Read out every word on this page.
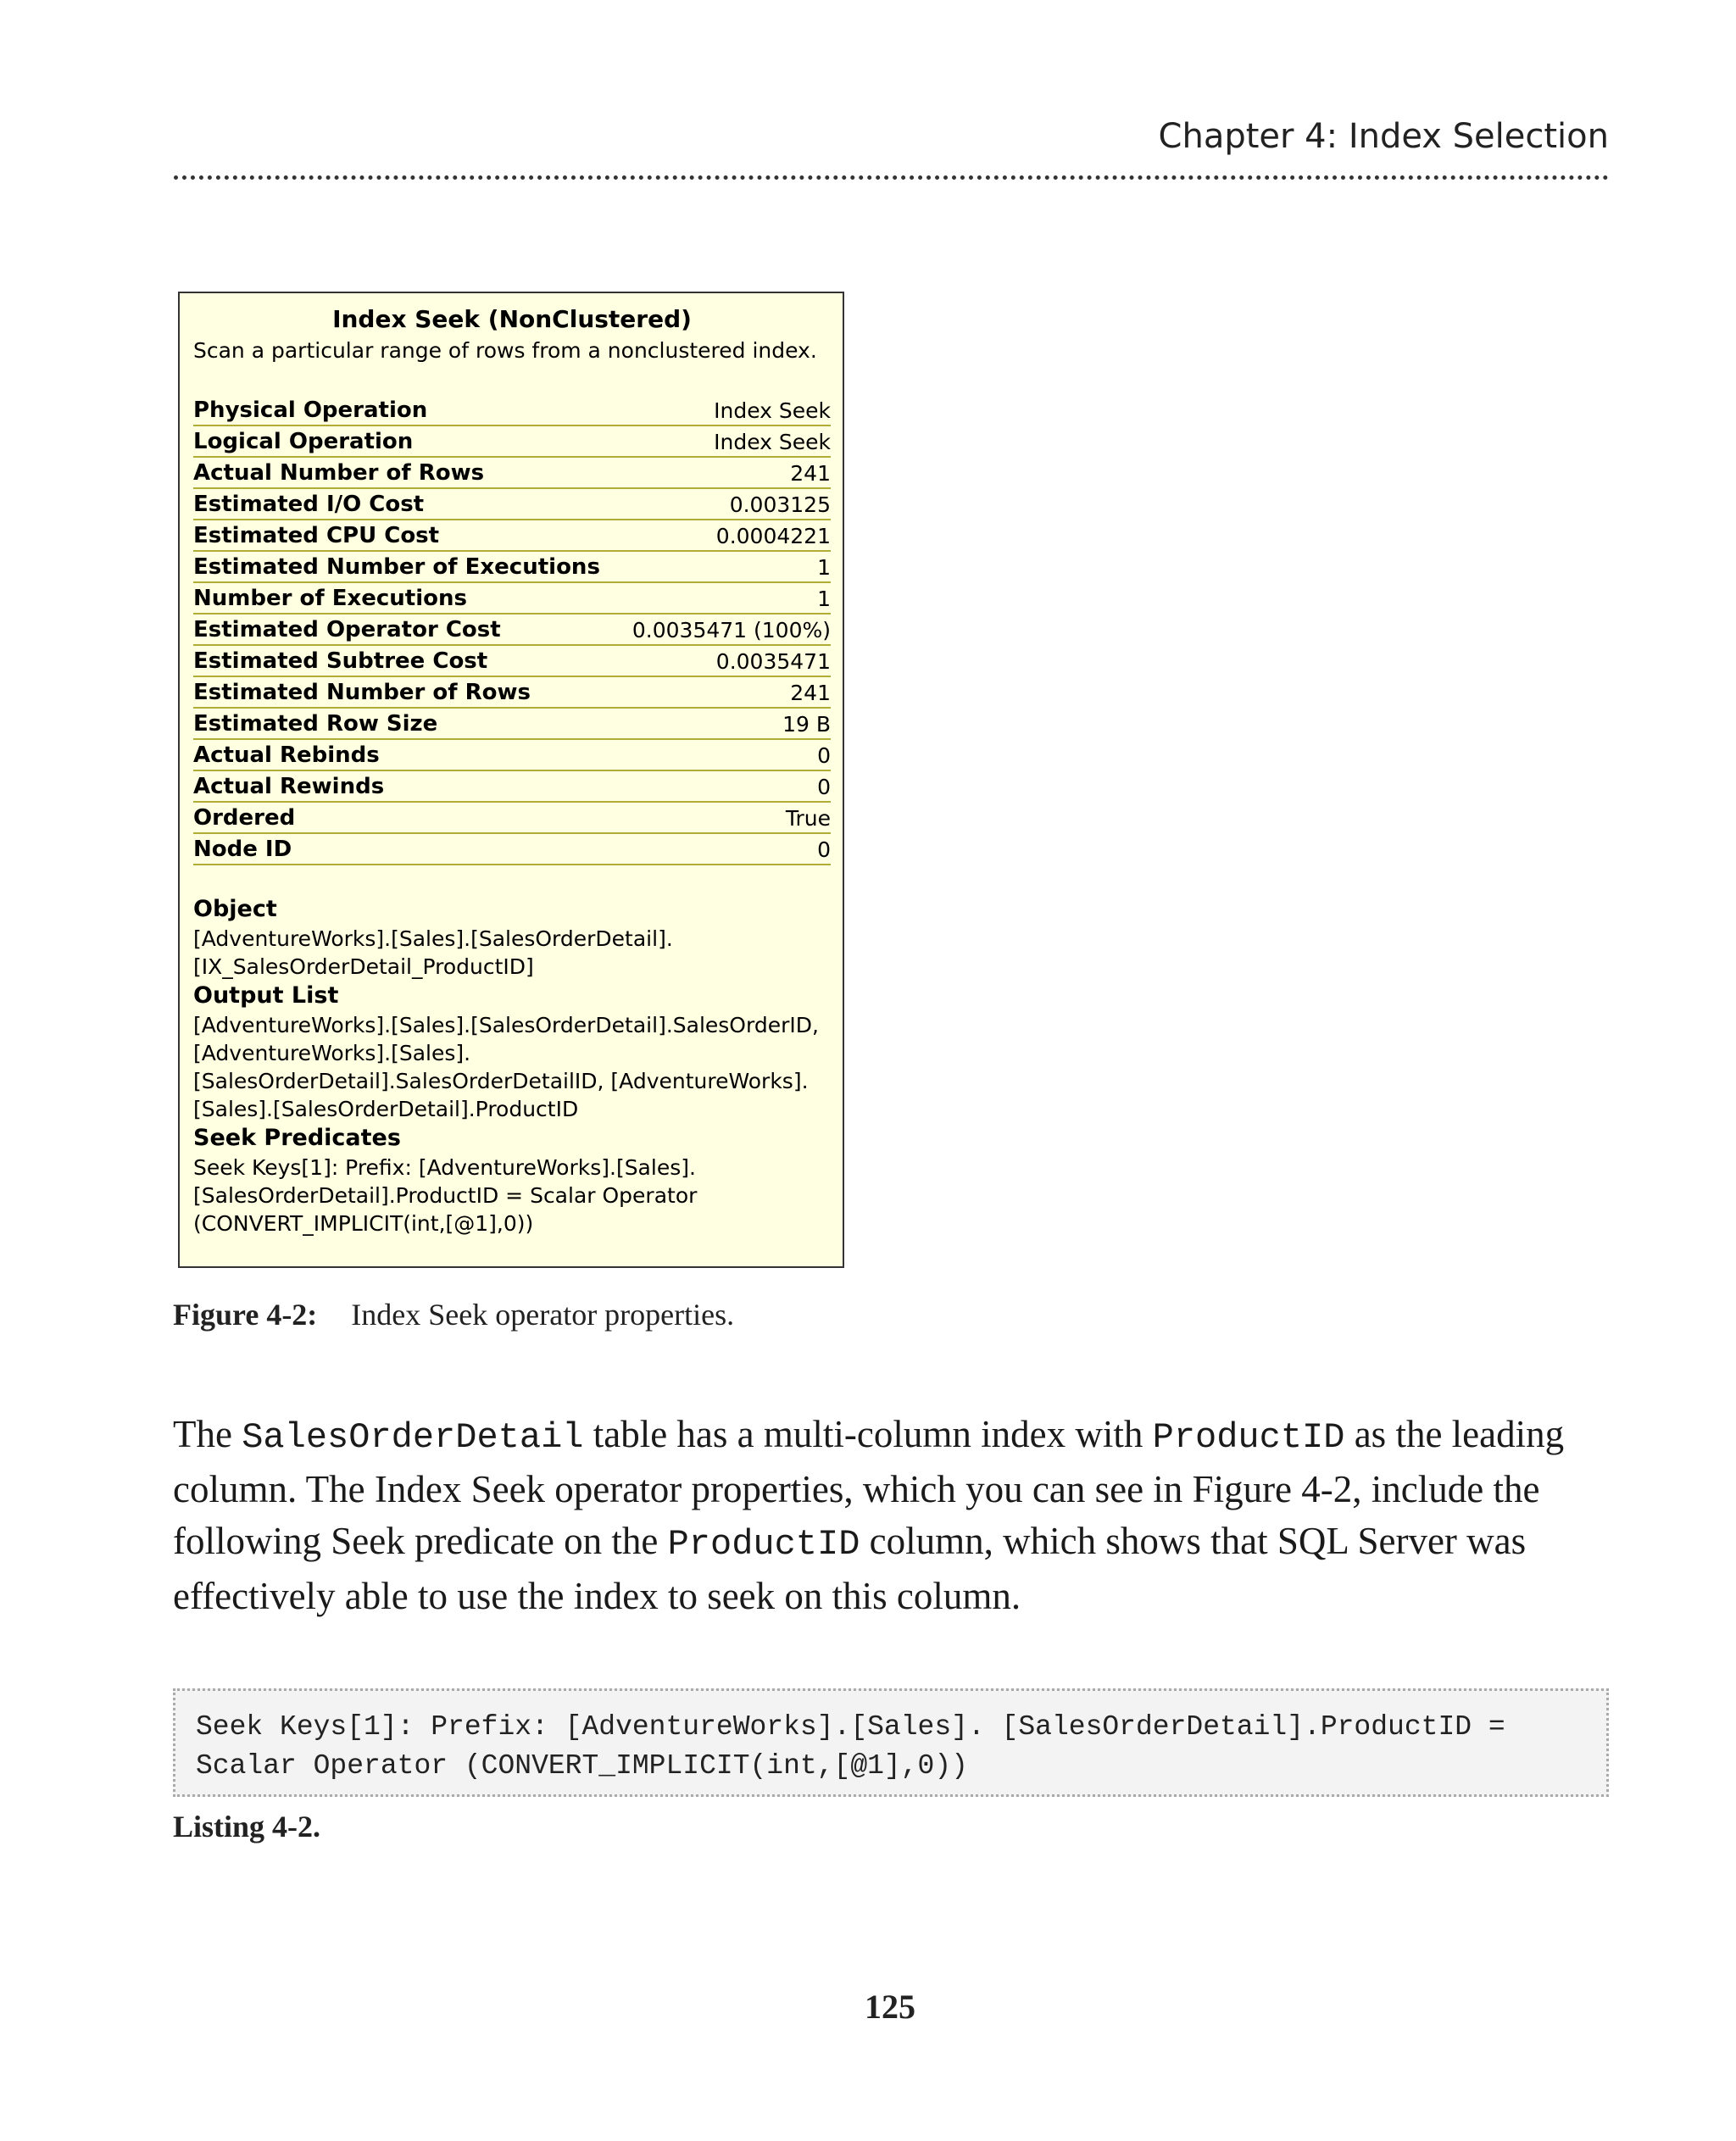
Chapter 4: Index Selection
Index Seek (NonClustered)
Scan a particular range of rows from a nonclustered index.
Physical Operation	Index Seek
Logical Operation	Index Seek
Actual Number of Rows	241
Estimated I/O Cost	0.003125
Estimated CPU Cost	0.0004221
Estimated Number of Executions	1
Number of Executions	1
Estimated Operator Cost	0.0035471 (100%)
Estimated Subtree Cost	0.0035471
Estimated Number of Rows	241
Estimated Row Size	19 B
Actual Rebinds	0
Actual Rewinds	0
Ordered	True
Node ID	0
Object
[AdventureWorks].[Sales].[SalesOrderDetail].
[IX_SalesOrderDetail_ProductID]
Output List
[AdventureWorks].[Sales].[SalesOrderDetail].SalesOrderID,
[AdventureWorks].[Sales].
[SalesOrderDetail].SalesOrderDetailID, [AdventureWorks].
[Sales].[SalesOrderDetail].ProductID
Seek Predicates
Seek Keys[1]: Prefix: [AdventureWorks].[Sales].
[SalesOrderDetail].ProductID = Scalar Operator
(CONVERT_IMPLICIT(int,[@1],0))
Figure 4-2: Index Seek operator properties.
The SalesOrderDetail table has a multi-column index with ProductID as the leading column. The Index Seek operator properties, which you can see in Figure 4-2, include the following Seek predicate on the ProductID column, which shows that SQL Server was effectively able to use the index to seek on this column.
Seek Keys[1]: Prefix: [AdventureWorks].[Sales]. [SalesOrderDetail].ProductID =
Scalar Operator (CONVERT_IMPLICIT(int,[@1],0))
Listing 4-2.
125
